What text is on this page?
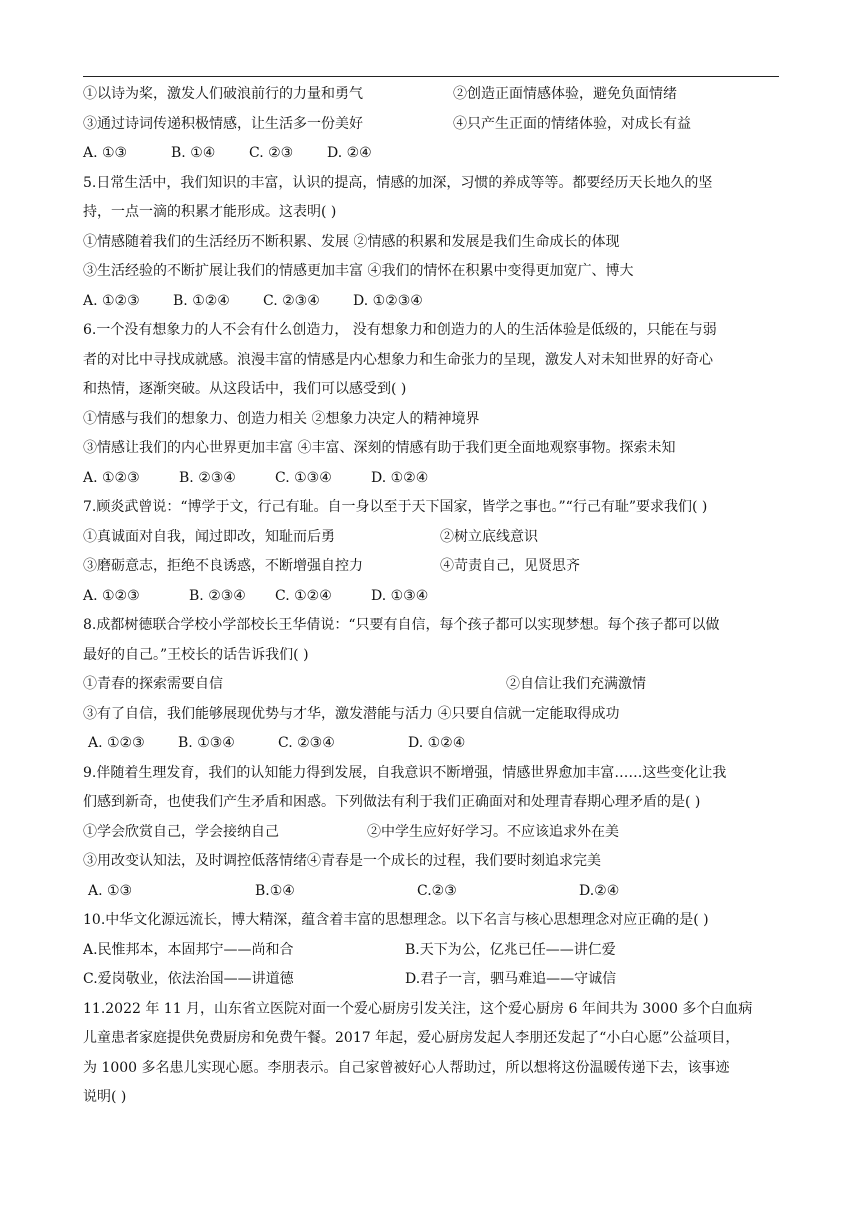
①以诗为桨，激发人们破浪前行的力量和勇气	②创造正面情感体验，避免负面情绪
③通过诗词传递积极情感，让生活多一份美好	④只产生正面的情绪体验，对成长有益
A. ①③	B. ①④	C. ②③	D. ②④
5.日常生活中，我们知识的丰富，认识的提高，情感的加深，习惯的养成等等。都要经历天长地久的坚
持，一点一滴的积累才能形成。这表明( )
①情感随着我们的生活经历不断积累、发展 ②情感的积累和发展是我们生命成长的体现
③生活经验的不断扩展让我们的情感更加丰富 ④我们的情怀在积累中变得更加宽广、博大
A. ①②③	B. ①②④	C. ②③④	D. ①②③④
6.一个没有想象力的人不会有什么创造力， 没有想象力和创造力的人的生活体验是低级的，只能在与弱
者的对比中寻找成就感。浪漫丰富的情感是内心想象力和生命张力的呈现，激发人对未知世界的好奇心
和热情，逐渐突破。从这段话中，我们可以感受到( )
①情感与我们的想象力、创造力相关 ②想象力决定人的精神境界
③情感让我们的内心世界更加丰富 ④丰富、深刻的情感有助于我们更全面地观察事物。探索未知
A. ①②③	B. ②③④	C. ①③④	D. ①②④
7.顾炎武曾说：“博学于文，行己有耻。自一身以至于天下国家，皆学之事也。”“行己有耻”要求我们( )
①真诚面对自我，闻过即改，知耻而后勇	②树立底线意识
③磨砺意志，拒绝不良诱惑，不断增强自控力	④苛责自己，见贤思齐
A. ①②③	B. ②③④	C. ①②④	D. ①③④
8.成都树德联合学校小学部校长王华倩说：“只要有自信，每个孩子都可以实现梦想。每个孩子都可以做
最好的自己。”王校长的话告诉我们( )
①青春的探索需要自信	②自信让我们充满激情
③有了自信，我们能够展现优势与才华，激发潜能与活力 ④只要自信就一定能取得成功
A. ①②③	B. ①③④	C. ②③④	D. ①②④
9.伴随着生理发育，我们的认知能力得到发展，自我意识不断增强，情感世界愈加丰富……这些变化让我
们感到新奇，也使我们产生矛盾和困惑。下列做法有利于我们正确面对和处理青春期心理矛盾的是( )
①学会欣赏自己，学会接纳自己	②中学生应好好学习。不应该追求外在美
③用改变认知法，及时调控低落情绪④青春是一个成长的过程，我们要时刻追求完美
A. ①③	B.①④	C.②③	D.②④
10.中华文化源远流长，博大精深，蕴含着丰富的思想理念。以下名言与核心思想理念对应正确的是( )
A.民惟邦本，本固邦宁——尚和合	B.天下为公，亿兆已任——讲仁爱
C.爱岗敬业，依法治国——讲道德	D.君子一言，驷马难追——守诚信
11.2022 年 11 月，山东省立医院对面一个爱心厨房引发关注，这个爱心厨房 6 年间共为 3000 多个白血病
儿童患者家庭提供免费厨房和免费午餐。2017 年起，爱心厨房发起人李朋还发起了“小白心愿”公益项目，
为 1000 多名患儿实现心愿。李朋表示。自己家曾被好心人帮助过，所以想将这份温暖传递下去，该事迹
说明( )
